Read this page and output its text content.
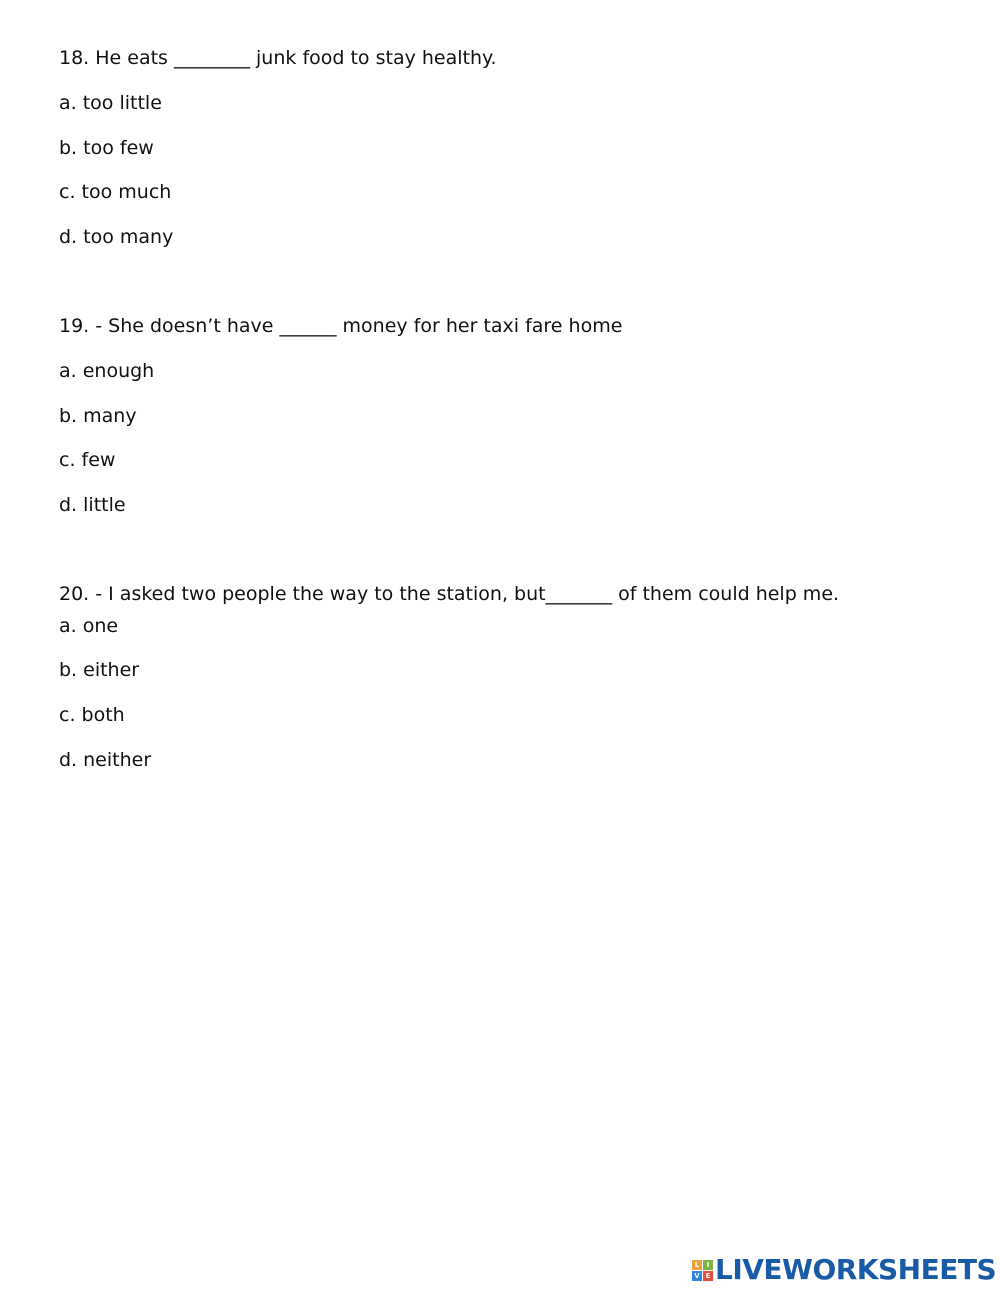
18. He eats ________ junk food to stay healthy.

a. too little

b. too few

c. too much

d. too many

19. - She doesn’t have ______ money for her taxi fare home

a. enough

b. many

c. few

d. little

20. - I asked two people the way to the station, but_______ of them could help me.

a. one

b. either

c. both

d. neither

L	I
V E LIVEWORKSHEETS
